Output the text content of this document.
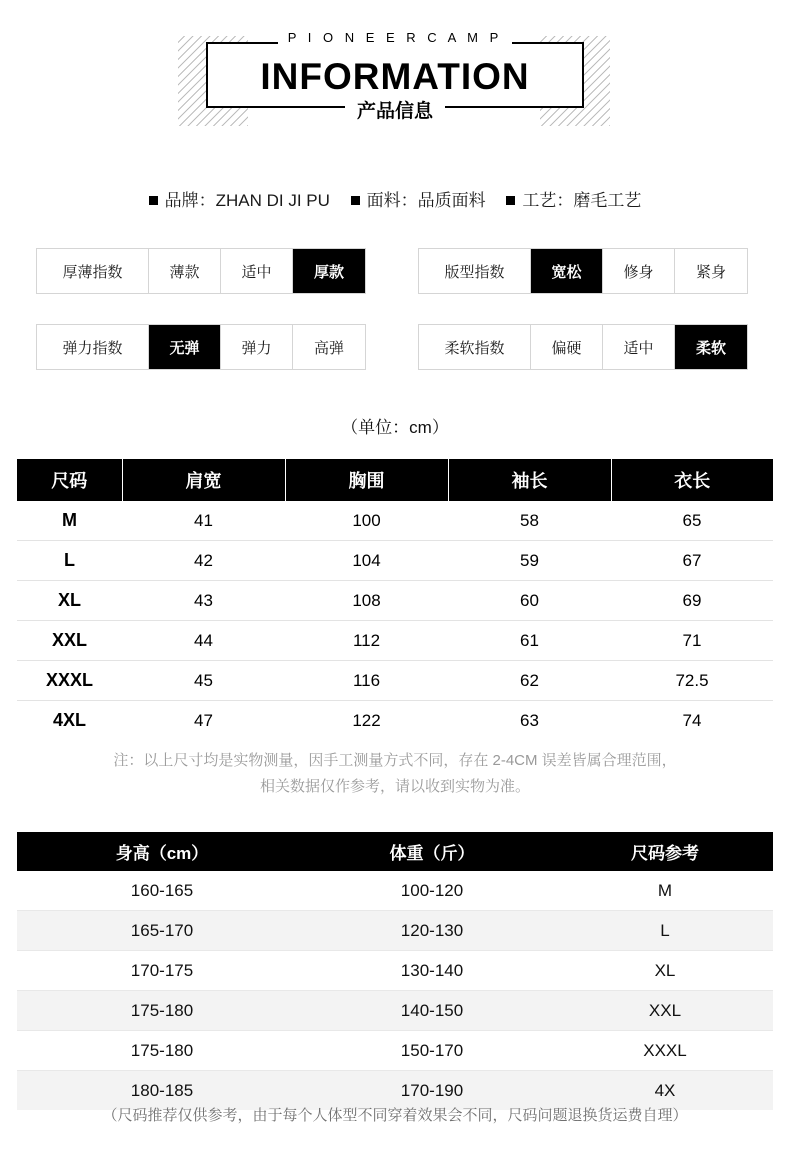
P I O N E E R C A M P
INFORMATION
产品信息
品牌：ZHAN DI JI PU 面料：品质面料 工艺：磨毛工艺
厚薄指数	薄款	适中	厚款	版型指数	宽松	修身	紧身
弹力指数	无弹	弹力	高弹	柔软指数	偏硬	适中	柔软
（单位：cm）
尺码	肩宽	胸围	袖长	衣长
M	41	100	58	65
L	42	104	59	67
XL	43	108	60	69
XXL	44	112	61	71
XXXL	45	116	62	72.5
4XL	47	122	63	74
注：以上尺寸均是实物测量，因手工测量方式不同，存在 2-4CM 误差皆属合理范围，
相关数据仅作参考，请以收到实物为准。
身高（cm）	体重（斤）	尺码参考
160-165	100-120	M
165-170	120-130	L
170-175	130-140	XL
175-180	140-150	XXL
175-180	150-170	XXXL
180-185	170-190	4X
（尺码推荐仅供参考，由于每个人体型不同穿着效果会不同，尺码问题退换货运费自理）
